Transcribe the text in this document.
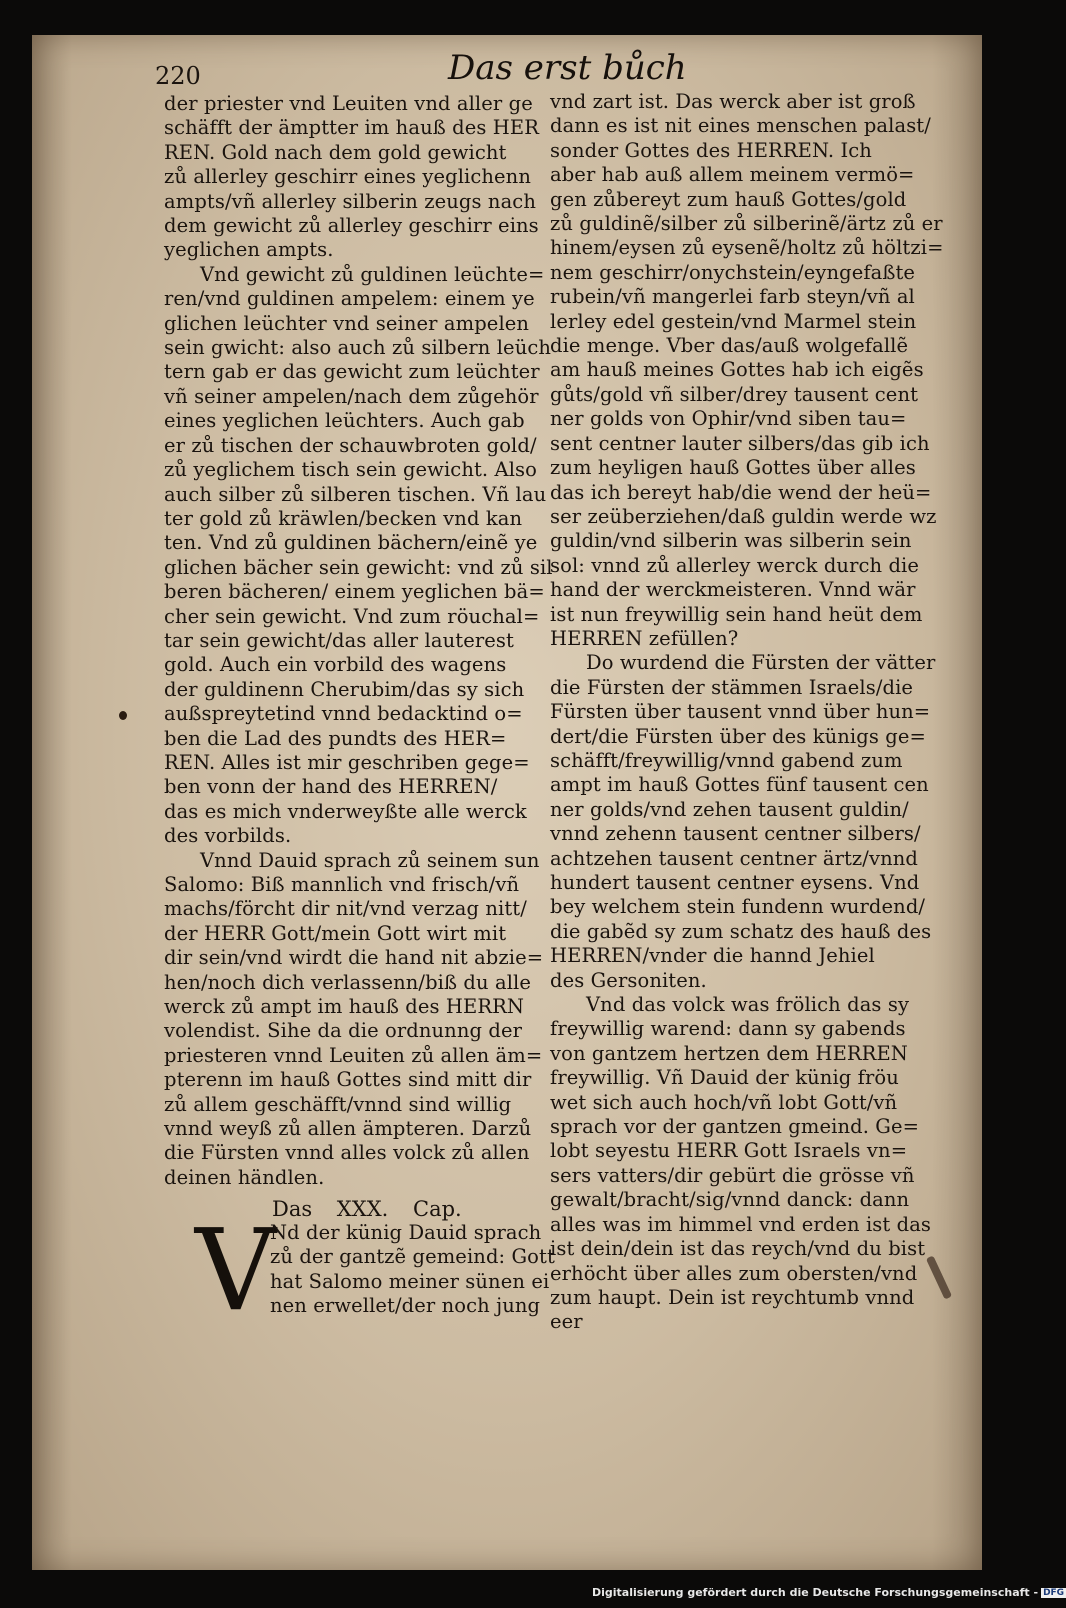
220	Das erst bůch
der priester vnd Leuiten vnd aller ge
schäfft der ämptter im hauß des HER
REN. Gold nach dem gold gewicht
zů allerley geschirr eines yeglichenn
ampts/vñ allerley silberin zeugs nach
dem gewicht zů allerley geschirr eins
yeglichen ampts.
Vnd gewicht zů guldinen leüchte=
ren/vnd guldinen ampelem: einem ye
glichen leüchter vnd seiner ampelen
sein gwicht: also auch zů silbern leüch
tern gab er das gewicht zum leüchter
vñ seiner ampelen/nach dem zůgehör
eines yeglichen leüchters. Auch gab
er zů tischen der schauwbroten gold/
zů yeglichem tisch sein gewicht. Also
auch silber zů silberen tischen. Vñ lau
ter gold zů kräwlen/becken vnd kan
ten. Vnd zů guldinen bächern/einẽ ye
glichen bächer sein gewicht: vnd zů sil
beren bächeren/ einem yeglichen bä=
cher sein gewicht. Vnd zum röuchal=
tar sein gewicht/das aller lauterest
gold. Auch ein vorbild des wagens
der guldinenn Cherubim/das sy sich
außspreytetind vnnd bedacktind o=
ben die Lad des pundts des HER=
REN. Alles ist mir geschriben gege=
ben vonn der hand des HERREN/
das es mich vnderweyßte alle werck
des vorbilds.
Vnnd Dauid sprach zů seinem sun
Salomo: Biß mannlich vnd frisch/vñ
machs/förcht dir nit/vnd verzag nitt/
der HERR Gott/mein Gott wirt mit
dir sein/vnd wirdt die hand nit abzie=
hen/noch dich verlassenn/biß du alle
werck zů ampt im hauß des HERRN
volendist. Sihe da die ordnunng der
priesteren vnnd Leuiten zů allen äm=
pterenn im hauß Gottes sind mitt dir
zů allem geschäfft/vnnd sind willig
vnnd weyß zů allen ämpteren. Darzů
die Fürsten vnnd alles volck zů allen
deinen händlen.
Das XXX. Cap.
V
Nd der künig Dauid sprach
zů der gantzẽ gemeind: Gott
hat Salomo meiner sünen ei
nen erwellet/der noch jung
vnd zart ist. Das werck aber ist groß
dann es ist nit eines menschen palast/
sonder Gottes des HERREN. Ich
aber hab auß allem meinem vermö=
gen zůbereyt zum hauß Gottes/gold
zů guldinẽ/silber zů silberinẽ/ärtz zů er
hinem/eysen zů eysenẽ/holtz zů höltzi=
nem geschirr/onychstein/eyngefaßte
rubein/vñ mangerlei farb steyn/vñ al
lerley edel gestein/vnd Marmel stein
die menge. Vber das/auß wolgefallẽ
am hauß meines Gottes hab ich eigẽs
gůts/gold vñ silber/drey tausent cent
ner golds von Ophir/vnd siben tau=
sent centner lauter silbers/das gib ich
zum heyligen hauß Gottes über alles
das ich bereyt hab/die wend der heü=
ser zeüberziehen/daß guldin werde wz
guldin/vnd silberin was silberin sein
sol: vnnd zů allerley werck durch die
hand der werckmeisteren. Vnnd wär
ist nun freywillig sein hand heüt dem
HERREN zefüllen?
Do wurdend die Fürsten der vätter
die Fürsten der stämmen Israels/die
Fürsten über tausent vnnd über hun=
dert/die Fürsten über des künigs ge=
schäfft/freywillig/vnnd gabend zum
ampt im hauß Gottes fünf tausent cen
ner golds/vnd zehen tausent guldin/
vnnd zehenn tausent centner silbers/
achtzehen tausent centner ärtz/vnnd
hundert tausent centner eysens. Vnd
bey welchem stein fundenn wurdend/
die gabẽd sy zum schatz des hauß des
HERREN/vnder die hannd Jehiel
des Gersoniten.
Vnd das volck was frölich das sy
freywillig warend: dann sy gabends
von gantzem hertzen dem HERREN
freywillig. Vñ Dauid der künig fröu
wet sich auch hoch/vñ lobt Gott/vñ
sprach vor der gantzen gmeind. Ge=
lobt seyestu HERR Gott Israels vn=
sers vatters/dir gebürt die grösse vñ
gewalt/bracht/sig/vnnd danck: dann
alles was im himmel vnd erden ist das
ist dein/dein ist das reych/vnd du bist
erhöcht über alles zum obersten/vnd
zum haupt. Dein ist reychtumb vnnd
eer
Digitalisierung gefördert durch die Deutsche Forschungsgemeinschaft - DFG
